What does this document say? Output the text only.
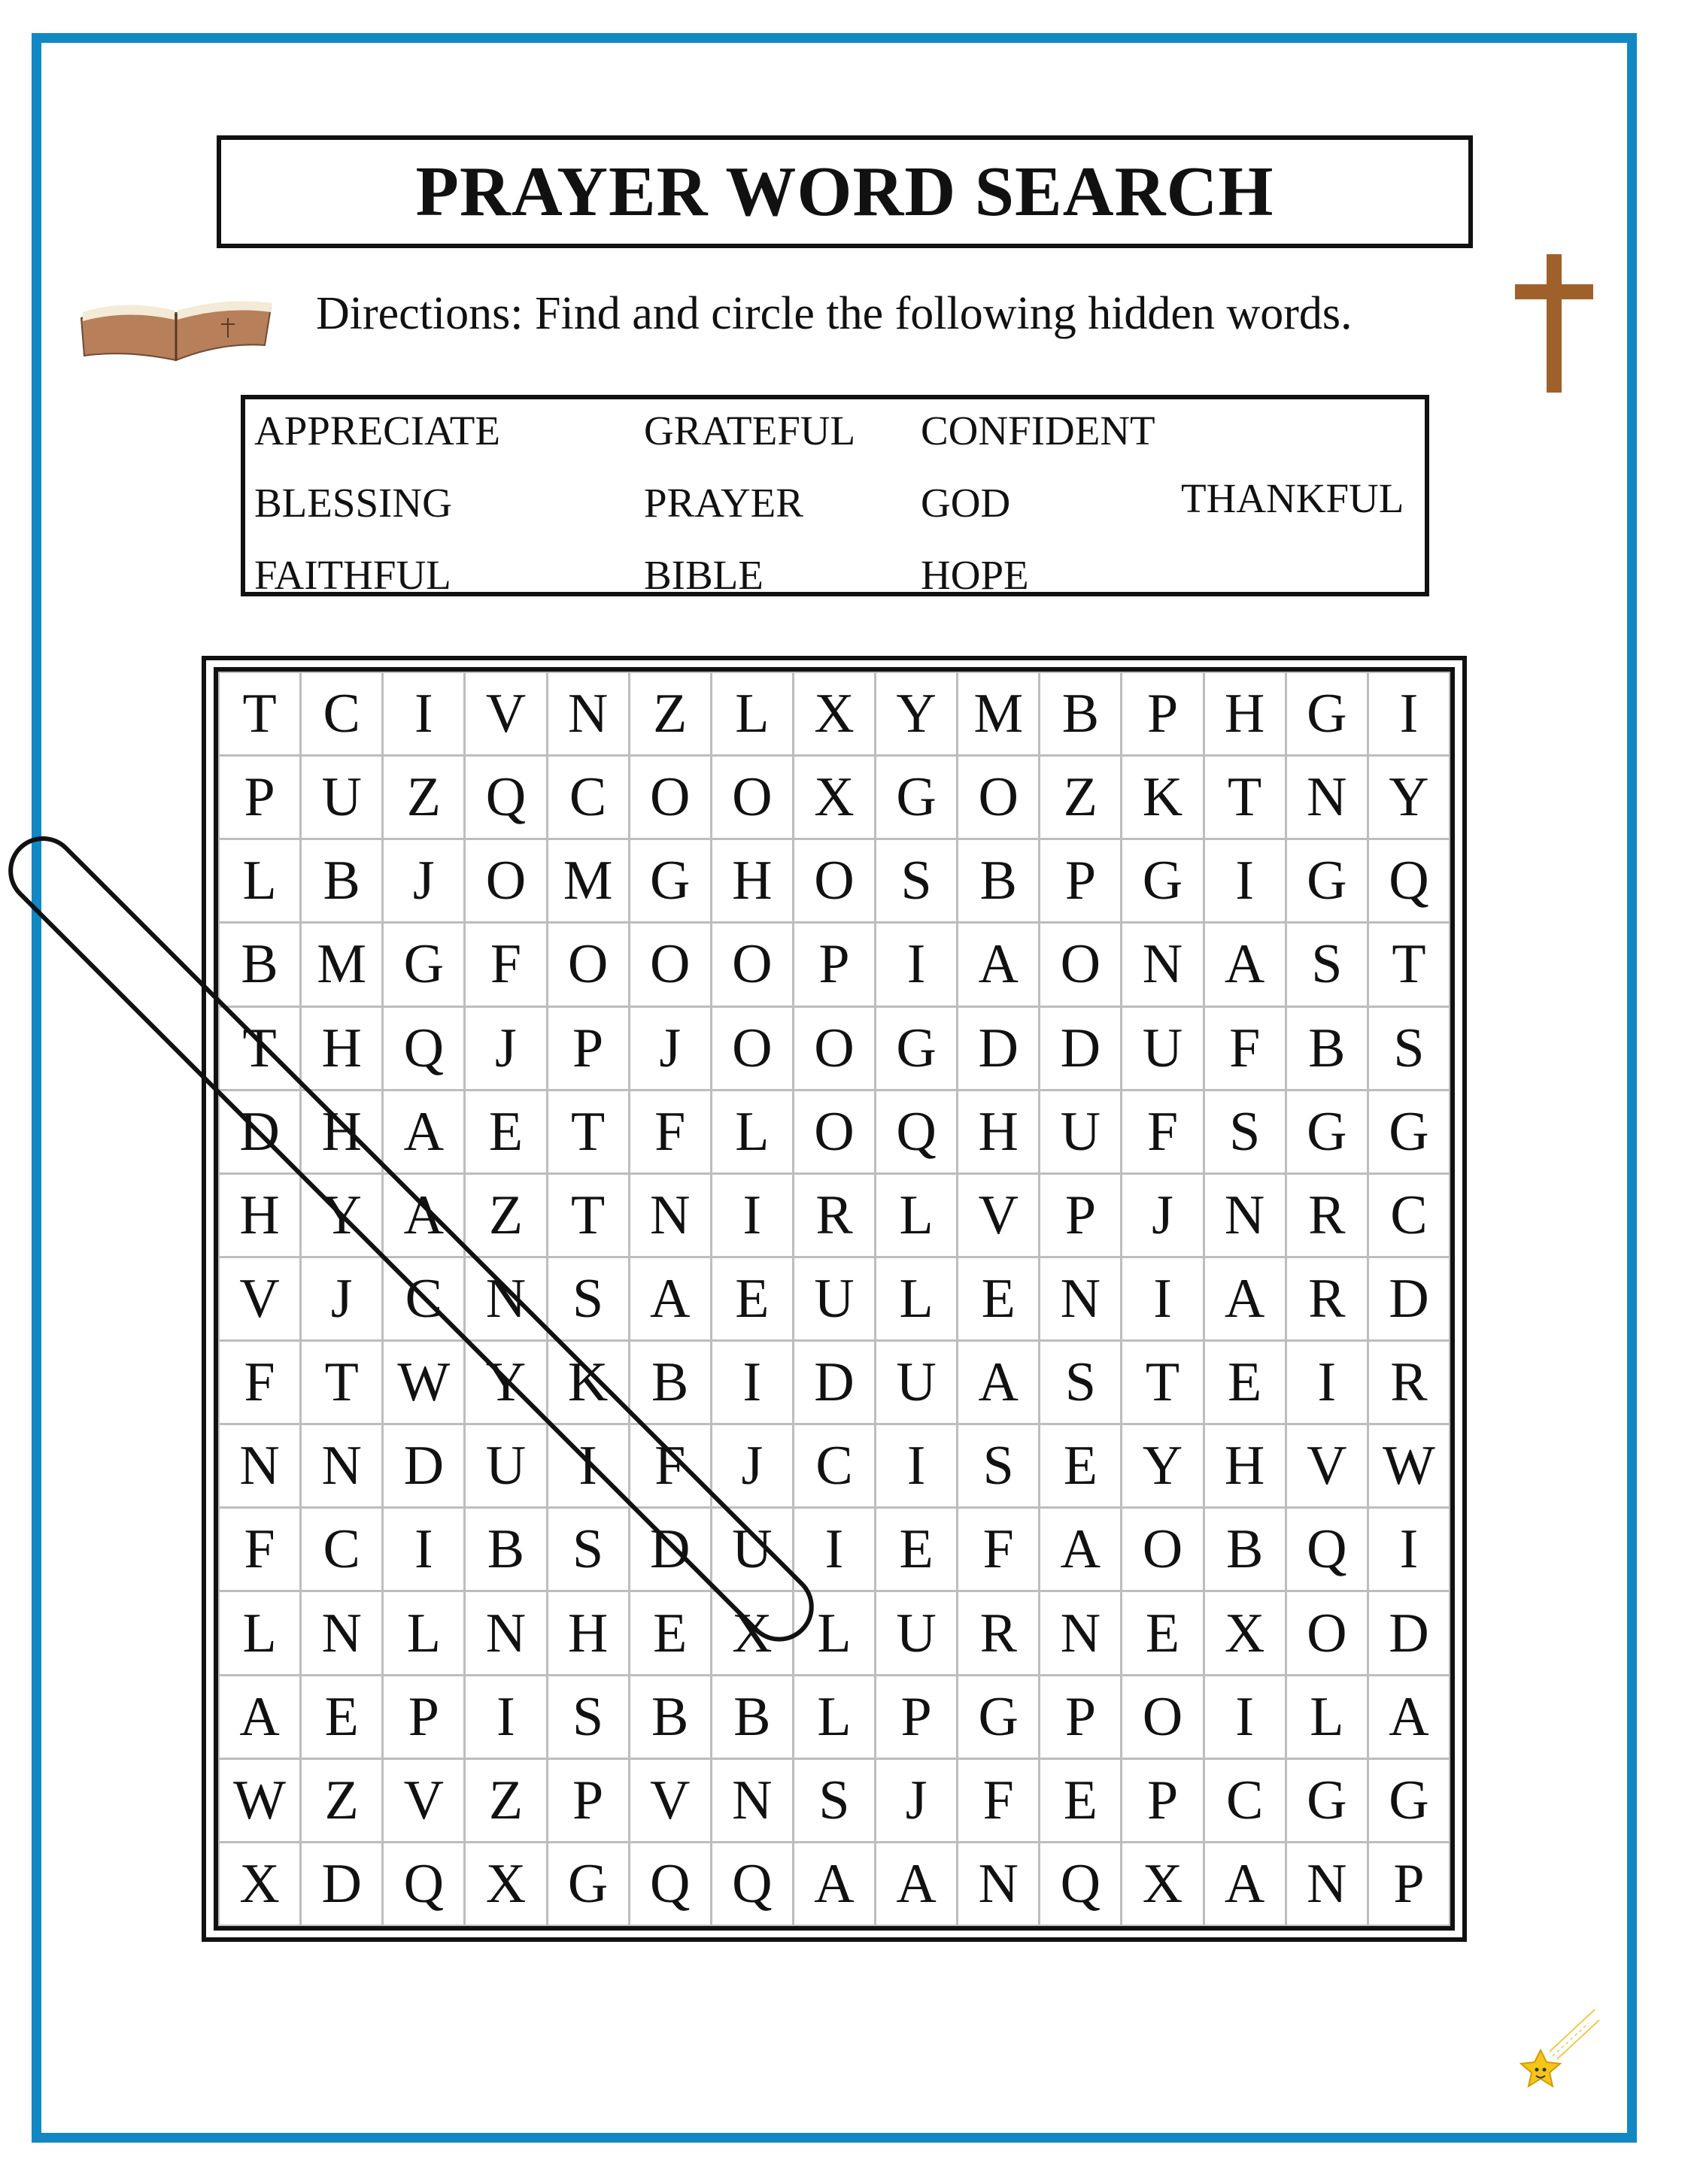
PRAYER WORD SEARCH
Directions: Find and circle the following hidden words.
APPRECIATE
BLESSING
FAITHFUL
GRATEFUL
PRAYER
BIBLE
CONFIDENT
GOD
HOPE
THANKFUL
T C I V N Z L X Y M B P H G I
P U Z Q C O O X G O Z K T N Y
L B J O M G H O S B P G I G Q
B M G F O O O P	I A O N A S T
T H Q J	P	J O O G D D U F B S
D H A E T F L O Q H U F S G G
H Y A Z T N I R L V P	J N R C
V J C N S A E U L E N I A R D
F T W Y K B I D U A S T E	I R
N N D U I	F	J C I	S E Y H V W
F C I B S D U I	E F A O B Q I
L N L N H E X L U R N E X O D
A E P	I	S B B L P G P O I	L A
W Z V Z P V N S	J	F E P C G G
X D Q X G Q Q A A N Q X A N P
